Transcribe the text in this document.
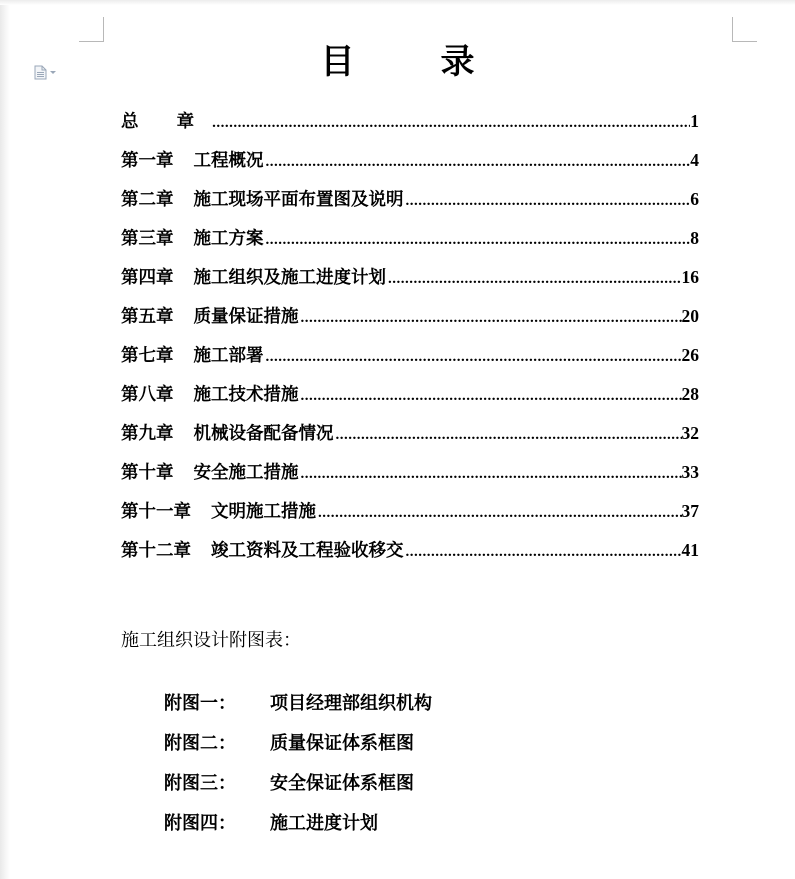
目	录
总 章 .....	1
第一章	工程概况 .....	4
第二章	施工现场平面布置图及说明 .....	6
第三章	施工方案 .....	8
第四章	施工组织及施工进度计划 .....	16
第五章	质量保证措施 .....	20
第七章	施工部署 .....	26
第八章	施工技术措施 .....	28
第九章	机械设备配备情况 .....	32
第十章	安全施工措施 .....	33
第十一章	文明施工措施 .....	37
第十二章	竣工资料及工程验收移交 .....	41
施工组织设计附图表：
附图一：	项目经理部组织机构
附图二：	质量保证体系框图
附图三：	安全保证体系框图
附图四：	施工进度计划
